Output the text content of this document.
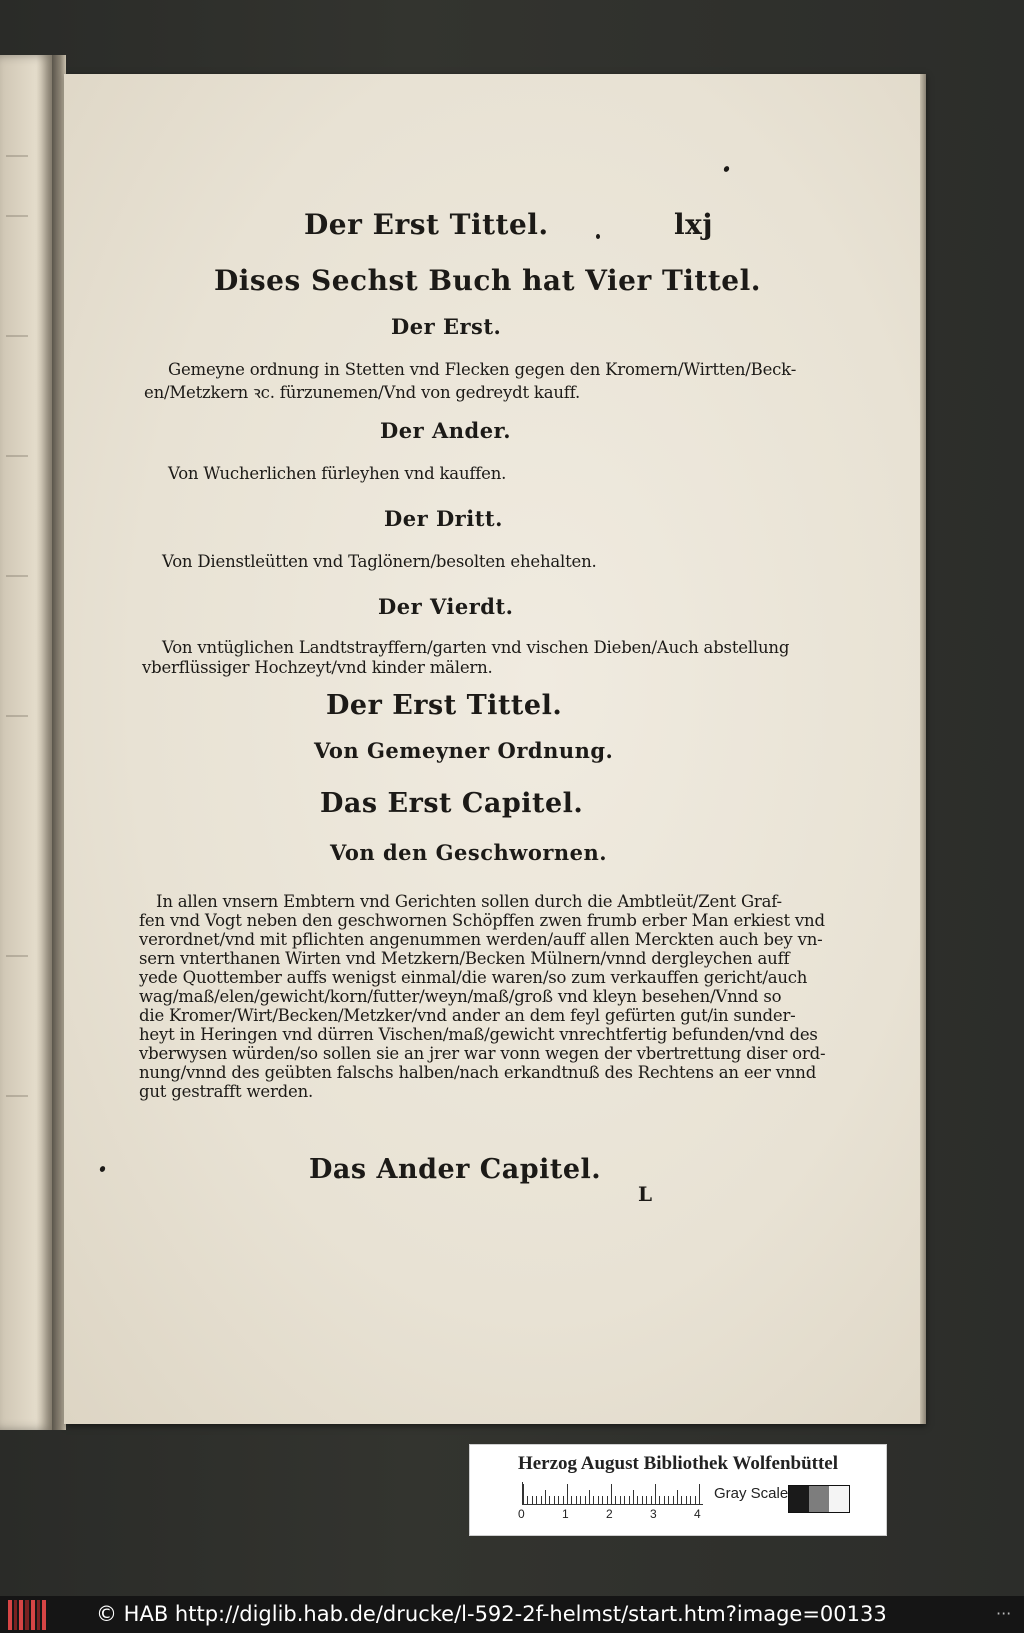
Der Erst Tittel.	lxj
Dises Sechst Buch hat Vier Tittel.
Der Erst.
Gemeyne ordnung in Stetten vnd Flecken gegen den Kromern/Wirtten/Beck-
en/Metzkern ꝛc. fürzunemen/Vnd von gedreydt kauff.
Der Ander.
Von Wucherlichen fürleyhen vnd kauffen.
Der Dritt.
Von Dienstleütten vnd Taglönern/besolten ehehalten.
Der Vierdt.
Von vntüglichen Landtstrayffern/garten vnd vischen Dieben/Auch abstellung
vberflüssiger Hochzeyt/vnd kinder mälern.
Der Erst Tittel.
Von Gemeyner Ordnung.
Das Erst Capitel.
Von den Geschwornen.
In allen vnsern Embtern vnd Gerichten sollen durch die Ambtleüt/Zent Graf-
fen vnd Vogt neben den geschwornen Schöpffen zwen frumb erber Man erkiest vnd
verordnet/vnd mit pflichten angenummen werden/auff allen Merckten auch bey vn-
sern vnterthanen Wirten vnd Metzkern/Becken Mülnern/vnnd dergleychen auff
yede Quottember auffs wenigst einmal/die waren/so zum verkauffen gericht/auch
wag/maß/elen/gewicht/korn/futter/weyn/maß/groß vnd kleyn besehen/Vnnd so
die Kromer/Wirt/Becken/Metzker/vnd ander an dem feyl gefürten gut/in sunder-
heyt in Heringen vnd dürren Vischen/maß/gewicht vnrechtfertig befunden/vnd des
vberwysen würden/so sollen sie an jrer war vonn wegen der vbertrettung diser ord-
nung/vnnd des geübten falschs halben/nach erkandtnuß des Rechtens an eer vnnd
gut gestrafft werden.
Das Ander Capitel.
L
Herzog August Bibliothek Wolfenbüttel
0	1	2	3	4
Gray Scale
© HAB http://diglib.hab.de/drucke/l-592-2f-helmst/start.htm?image=00133	···
